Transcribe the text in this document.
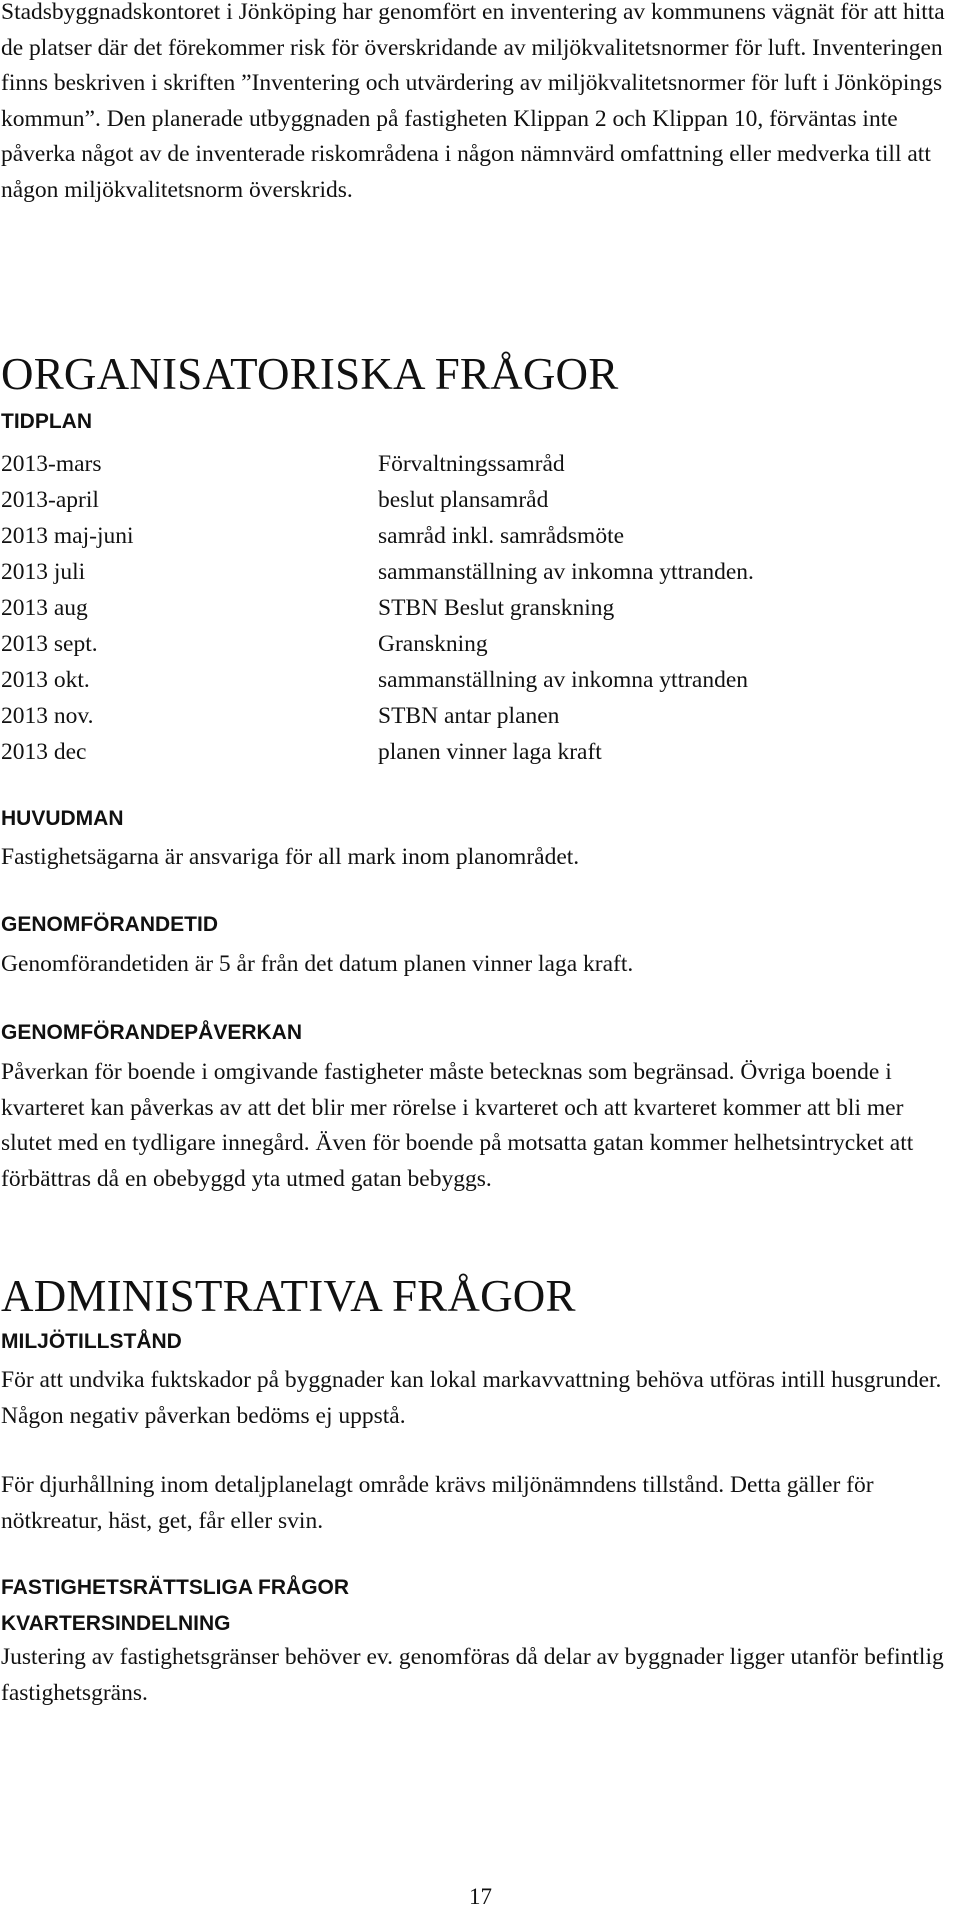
Stadsbyggnadskontoret i Jönköping har genomfört en inventering av kommunens vägnät för att hitta de platser där det förekommer risk för överskridande av miljökvalitetsnormer för luft. Inventeringen finns beskriven i skriften ”Inventering och utvärdering av miljökvalitetsnormer för luft i Jönköpings kommun”. Den planerade utbyggnaden på fastigheten Klippan 2 och Klippan 10, förväntas inte påverka något av de inventerade riskområdena i någon nämnvärd omfattning eller medverka till att någon miljökvalitetsnorm överskrids.

ORGANISATORISKA FRÅGOR
TIDPLAN
2013-mars	Förvaltningssamråd
2013-april	beslut plansamråd
2013 maj-juni	samråd inkl. samrådsmöte
2013 juli	sammanställning av inkomna yttranden.
2013 aug	STBN Beslut granskning
2013 sept.	Granskning
2013 okt.	sammanställning av inkomna yttranden
2013 nov.	STBN antar planen
2013 dec	planen vinner laga kraft
HUVUDMAN

Fastighetsägarna är ansvariga för all mark inom planområdet.

GENOMFÖRANDETID

Genomförandetiden är 5 år från det datum planen vinner laga kraft.

GENOMFÖRANDEPÅVERKAN

Påverkan för boende i omgivande fastigheter måste betecknas som begränsad. Övriga boende i kvarteret kan påverkas av att det blir mer rörelse i kvarteret och att kvarteret kommer att bli mer slutet med en tydligare innegård. Även för boende på motsatta gatan kommer helhetsintrycket att förbättras då en obebyggd yta utmed gatan bebyggs.

ADMINISTRATIVA FRÅGOR
MILJÖTILLSTÅND

För att undvika fuktskador på byggnader kan lokal markavvattning behöva utföras intill husgrunder. Någon negativ påverkan bedöms ej uppstå.

För djurhållning inom detaljplanelagt område krävs miljönämndens tillstånd. Detta gäller för nötkreatur, häst, get, får eller svin.

FASTIGHETSRÄTTSLIGA FRÅGOR
KVARTERSINDELNING

Justering av fastighetsgränser behöver ev. genomföras då delar av byggnader ligger utanför befintlig fastighetsgräns.

17
